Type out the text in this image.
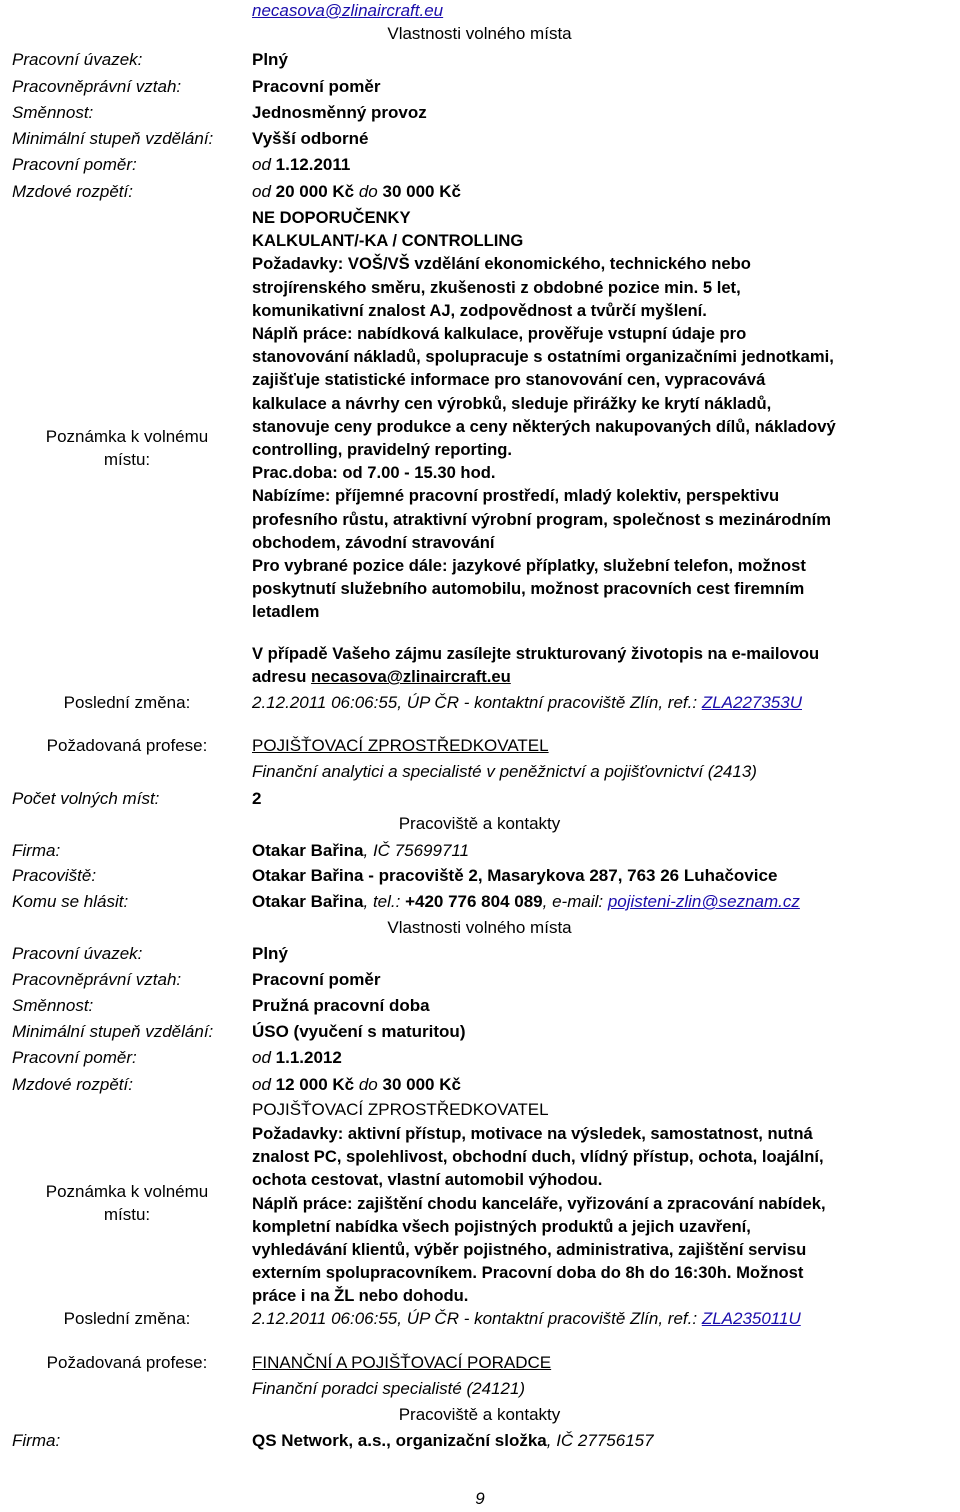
necasova@zlinaircraft.eu
Vlastnosti volného místa
Pracovní úvazek:	Plný
Pracovněprávní vztah:	Pracovní poměr
Směnnost:	Jednosměnný provoz
Minimální stupeň vzdělání: Vyšší odborné
Pracovní poměr:	od 1.12.2011
Mzdové rozpětí:	od 20 000 Kč do 30 000 Kč
Poznámka k volnému
místu:
NE DOPORUČENKY
KALKULANT/-KA / CONTROLLING
Požadavky: VOŠ/VŠ vzdělání ekonomického, technického nebo
strojírenského směru, zkušenosti z obdobné pozice min. 5 let,
komunikativní znalost AJ, zodpovědnost a tvůrčí myšlení.
Náplň práce: nabídková kalkulace, prověřuje vstupní údaje pro
stanovování nákladů, spolupracuje s ostatními organizačními jednotkami,
zajišťuje statistické informace pro stanovování cen, vypracovává
kalkulace a návrhy cen výrobků, sleduje přirážky ke krytí nákladů,
stanovuje ceny produkce a ceny některých nakupovaných dílů, nákladový
controlling, pravidelný reporting.
Prac.doba: od 7.00 - 15.30 hod.
Nabízíme: příjemné pracovní prostředí, mladý kolektiv, perspektivu
profesního růstu, atraktivní výrobní program, společnost s mezinárodním
obchodem, závodní stravování
Pro vybrané pozice dále: jazykové příplatky, služební telefon, možnost
poskytnutí služebního automobilu, možnost pracovních cest firemním
letadlem
V případě Vašeho zájmu zasílejte strukturovaný životopis na e-mailovou
adresu necasova@zlinaircraft.eu
Poslední změna:	2.12.2011 06:06:55, ÚP ČR - kontaktní pracoviště Zlín, ref.: ZLA227353U
Požadovaná profese:	POJIŠŤOVACÍ ZPROSTŘEDKOVATEL
Finanční analytici a specialisté v peněžnictví a pojišťovnictví (2413)
Počet volných míst:	2
Pracoviště a kontakty
Firma:	Otakar Bařina, IČ 75699711
Pracoviště:	Otakar Bařina - pracoviště 2, Masarykova 287, 763 26 Luhačovice
Komu se hlásit:	Otakar Bařina, tel.: +420 776 804 089, e-mail: pojisteni-zlin@seznam.cz
Vlastnosti volného místa
Pracovní úvazek:	Plný
Pracovněprávní vztah:	Pracovní poměr
Směnnost:	Pružná pracovní doba
Minimální stupeň vzdělání: ÚSO (vyučení s maturitou)
Pracovní poměr:	od 1.1.2012
Mzdové rozpětí:	od 12 000 Kč do 30 000 Kč
Poznámka k volnému
místu:
POJIŠŤOVACÍ ZPROSTŘEDKOVATEL
Požadavky: aktivní přístup, motivace na výsledek, samostatnost, nutná
znalost PC, spolehlivost, obchodní duch, vlídný přístup, ochota, loajální,
ochota cestovat, vlastní automobil výhodou.
Náplň práce: zajištění chodu kanceláře, vyřizování a zpracování nabídek,
kompletní nabídka všech pojistných produktů a jejich uzavření,
vyhledávání klientů, výběr pojistného, administrativa, zajištění servisu
externím spolupracovníkem. Pracovní doba do 8h do 16:30h. Možnost
práce i na ŽL nebo dohodu.
Poslední změna:	2.12.2011 06:06:55, ÚP ČR - kontaktní pracoviště Zlín, ref.: ZLA235011U
Požadovaná profese:	FINANČNÍ A POJIŠŤOVACÍ PORADCE
Finanční poradci specialisté (24121)
Pracoviště a kontakty
Firma:	QS Network, a.s., organizační složka, IČ 27756157
9
